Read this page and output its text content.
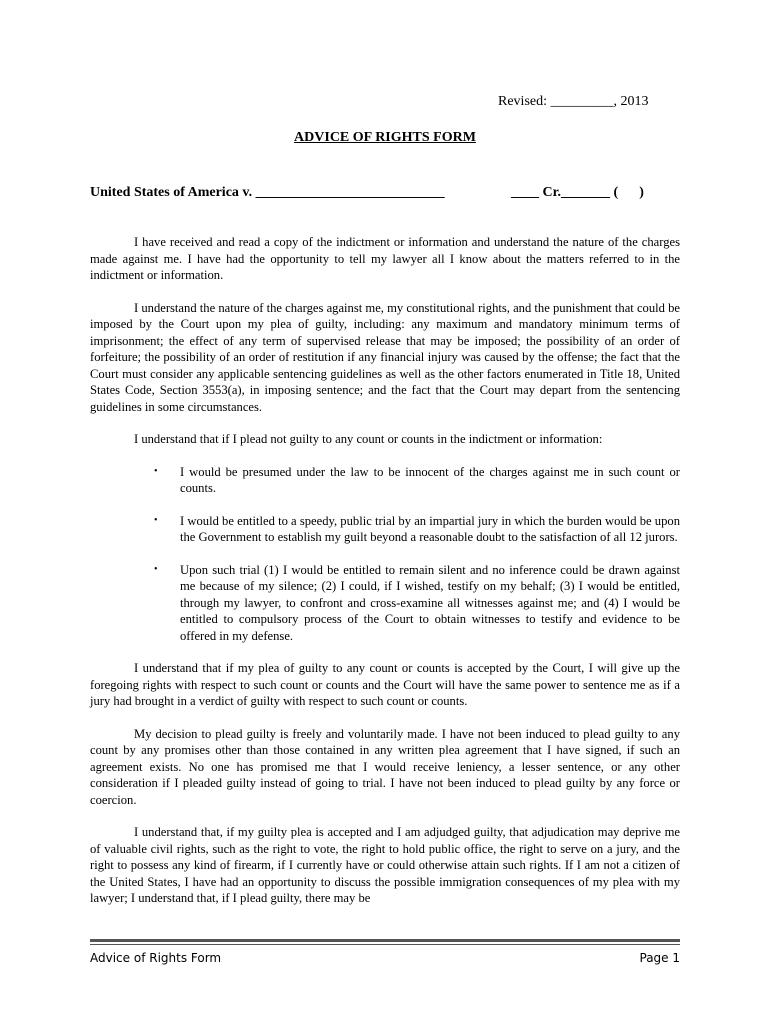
Revised: _________, 2013
ADVICE OF RIGHTS FORM
United States of America v. ___________________________	____ Cr._______ (      )

I have received and read a copy of the indictment or information and understand the nature of the charges made against me. I have had the opportunity to tell my lawyer all I know about the matters referred to in the indictment or information.

I understand the nature of the charges against me, my constitutional rights, and the punishment that could be imposed by the Court upon my plea of guilty, including: any maximum and mandatory minimum terms of imprisonment; the effect of any term of supervised release that may be imposed; the possibility of an order of forfeiture; the possibility of an order of restitution if any financial injury was caused by the offense; the fact that the Court must consider any applicable sentencing guidelines as well as the other factors enumerated in Title 18, United States Code, Section 3553(a), in imposing sentence; and the fact that the Court may depart from the sentencing guidelines in some circumstances.

I understand that if I plead not guilty to any count or counts in the indictment or information:

• I would be presumed under the law to be innocent of the charges against me in such count or counts.
• I would be entitled to a speedy, public trial by an impartial jury in which the burden would be upon the Government to establish my guilt beyond a reasonable doubt to the satisfaction of all 12 jurors.
• Upon such trial (1) I would be entitled to remain silent and no inference could be drawn against me because of my silence; (2) I could, if I wished, testify on my behalf; (3) I would be entitled, through my lawyer, to confront and cross-examine all witnesses against me; and (4) I would be entitled to compulsory process of the Court to obtain witnesses to testify and evidence to be offered in my defense.

I understand that if my plea of guilty to any count or counts is accepted by the Court, I will give up the foregoing rights with respect to such count or counts and the Court will have the same power to sentence me as if a jury had brought in a verdict of guilty with respect to such count or counts.

My decision to plead guilty is freely and voluntarily made. I have not been induced to plead guilty to any count by any promises other than those contained in any written plea agreement that I have signed, if such an agreement exists. No one has promised me that I would receive leniency, a lesser sentence, or any other consideration if I pleaded guilty instead of going to trial. I have not been induced to plead guilty by any force or coercion.

I understand that, if my guilty plea is accepted and I am adjudged guilty, that adjudication may deprive me of valuable civil rights, such as the right to vote, the right to hold public office, the right to serve on a jury, and the right to possess any kind of firearm, if I currently have or could otherwise attain such rights. If I am not a citizen of the United States, I have had an opportunity to discuss the possible immigration consequences of my plea with my lawyer; I understand that, if I plead guilty, there may be

Advice of Rights Form	Page 1
